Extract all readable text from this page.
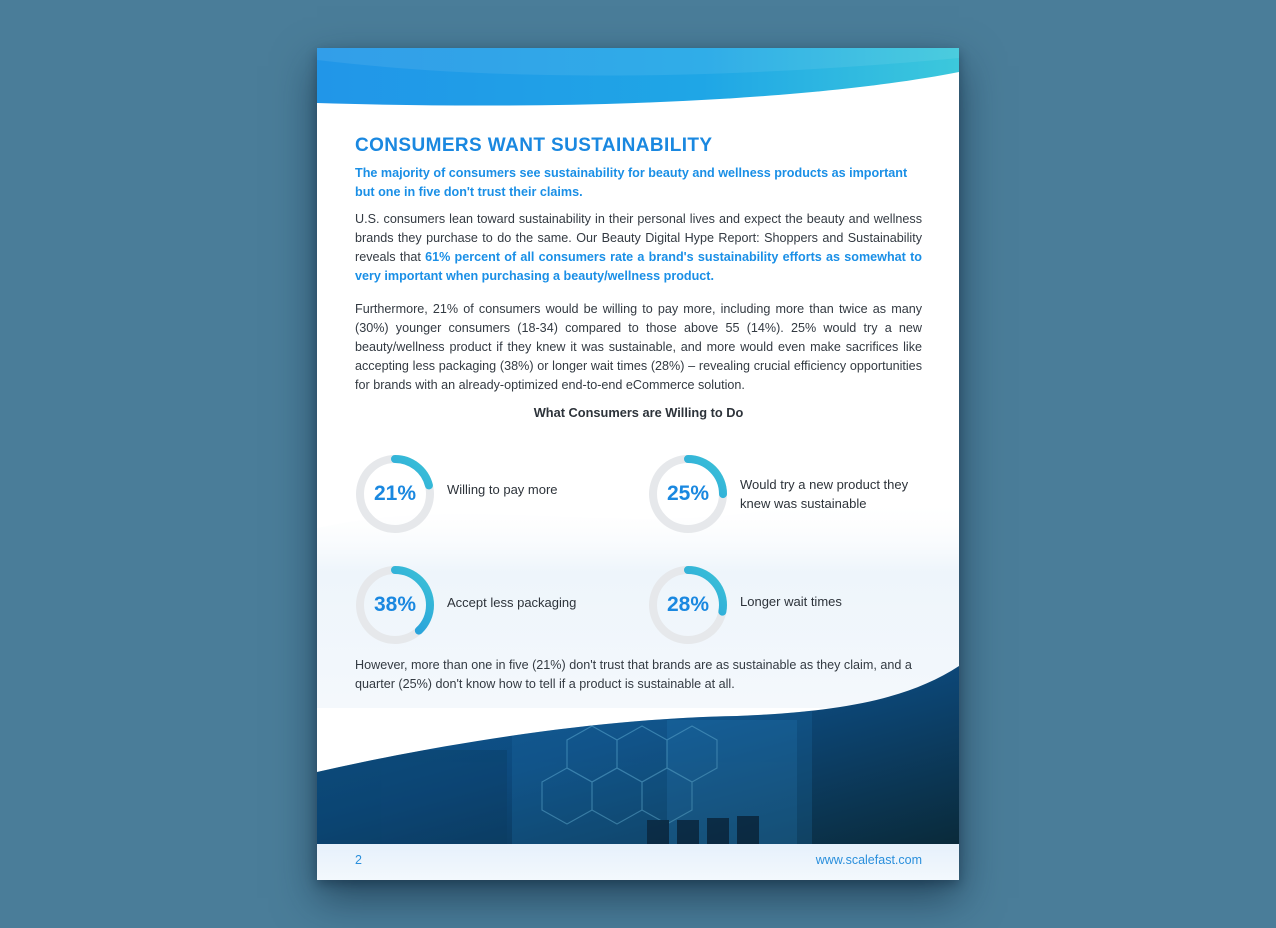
CONSUMERS WANT SUSTAINABILITY

The majority of consumers see sustainability for beauty and wellness products as important but one in five don't trust their claims.

U.S. consumers lean toward sustainability in their personal lives and expect the beauty and wellness brands they purchase to do the same. Our Beauty Digital Hype Report: Shoppers and Sustainability reveals that 61% percent of all consumers rate a brand's sustainability efforts as somewhat to very important when purchasing a beauty/wellness product.

Furthermore, 21% of consumers would be willing to pay more, including more than twice as many (30%) younger consumers (18-34) compared to those above 55 (14%). 25% would try a new beauty/wellness product if they knew it was sustainable, and more would even make sacrifices like accepting less packaging (38%) or longer wait times (28%) – revealing crucial efficiency opportunities for brands with an already-optimized end-to-end eCommerce solution.

What Consumers are Willing to Do

21%	Willing to pay more	25%	Would try a new product they knew was sustainable
38%	Accept less packaging	28%	Longer wait times

However, more than one in five (21%) don't trust that brands are as sustainable as they claim, and a quarter (25%) don't know how to tell if a product is sustainable at all.

2	www.scalefast.com
